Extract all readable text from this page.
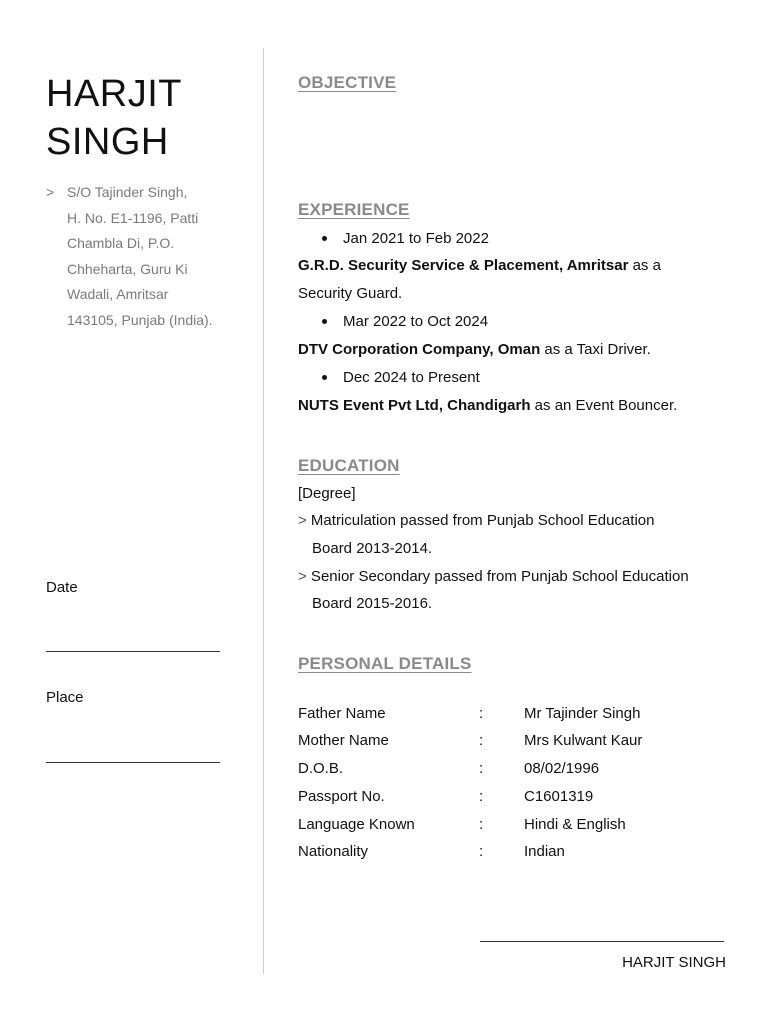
HARJIT
SINGH
> S/O Tajinder Singh,
H. No. E1-1196, Patti
Chambla Di, P.O.
Chheharta, Guru Ki
Wadali, Amritsar
143105, Punjab (India).
Date
Place
OBJECTIVE
EXPERIENCE
Jan 2021 to Feb 2022
G.R.D. Security Service & Placement, Amritsar as a
Security Guard.
Mar 2022 to Oct 2024
DTV Corporation Company, Oman as a Taxi Driver.
Dec 2024 to Present
NUTS Event Pvt Ltd, Chandigarh as an Event Bouncer.
EDUCATION
[Degree]
> Matriculation passed from Punjab School Education
Board 2013-2014.
> Senior Secondary passed from Punjab School Education
Board 2015-2016.
PERSONAL DETAILS
Father Name	:	Mr Tajinder Singh
Mother Name	:	Mrs Kulwant Kaur
D.O.B.	:	08/02/1996
Passport No.	:	C1601319
Language Known	:	Hindi & English
Nationality	:	Indian
HARJIT SINGH
